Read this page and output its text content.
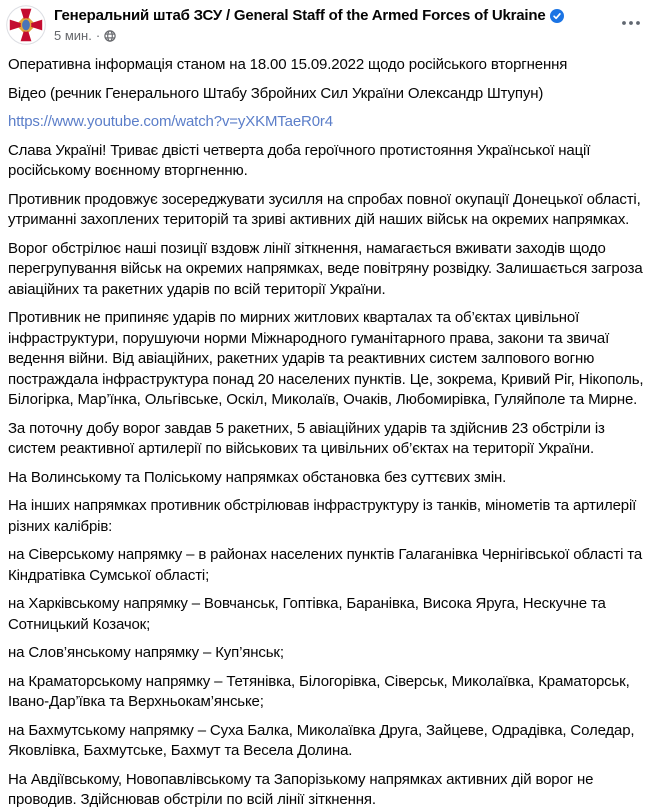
Генеральний штаб ЗСУ / General Staff of the Armed Forces of Ukraine
5 мин. ·

Оперативна інформація станом на 18.00 15.09.2022 щодо російського вторгнення

Відео (речник Генерального Штабу Збройних Сил України Олександр Штупун)

https://www.youtube.com/watch?v=yXKMTaeR0r4

Слава Україні! Триває двісті четверта доба героїчного протистояння Української нації російському воєнному вторгненню.

Противник продовжує зосереджувати зусилля на спробах повної окупації Донецької області, утриманні захоплених територій та зриві активних дій наших військ на окремих напрямках.

Ворог обстрілює наші позиції вздовж лінії зіткнення, намагається вживати заходів щодо перегрупування військ на окремих напрямках, веде повітряну розвідку. Залишається загроза авіаційних та ракетних ударів по всій території України.

Противник не припиняє ударів по мирних житлових кварталах та об’єктах цивільної інфраструктури, порушуючи норми Міжнародного гуманітарного права, закони та звичаї ведення війни. Від авіаційних, ракетних ударів та реактивних систем залпового вогню постраждала інфраструктура понад 20 населених пунктів. Це, зокрема, Кривий Ріг, Нікополь, Білогірка, Мар’їнка, Ольгівське, Оскіл, Миколаїв, Очаків, Любомирівка, Гуляйполе та Мирне.

За поточну добу ворог завдав 5 ракетних, 5 авіаційних ударів та здійснив 23 обстріли із систем реактивної артилерії по військових та цивільних об’єктах на території України.

На Волинському та Поліському напрямках обстановка без суттєвих змін.

На інших напрямках противник обстрілював інфраструктуру із танків, мінометів та артилерії різних калібрів:

на Сіверському напрямку – в районах населених пунктів Галаганівка Чернігівської області та Кіндратівка Сумської області;

на Харківському напрямку – Вовчанськ, Гоптівка, Баранівка, Висока Яруга, Нескучне та Сотницький Козачок;

на Слов’янському напрямку – Куп’янськ;

на Краматорському напрямку – Тетянівка, Білогорівка, Сіверськ, Миколаївка, Краматорськ, Івано-Дар’ївка та Верхньокам’янське;

на Бахмутському напрямку – Суха Балка, Миколаївка Друга, Зайцеве, Одрадівка, Соледар, Яковлівка, Бахмутське, Бахмут та Весела Долина.

На Авдіївському, Новопавлівському та Запорізькому напрямках активних дій ворог не проводив. Здійснював обстріли по всій лінії зіткнення.
